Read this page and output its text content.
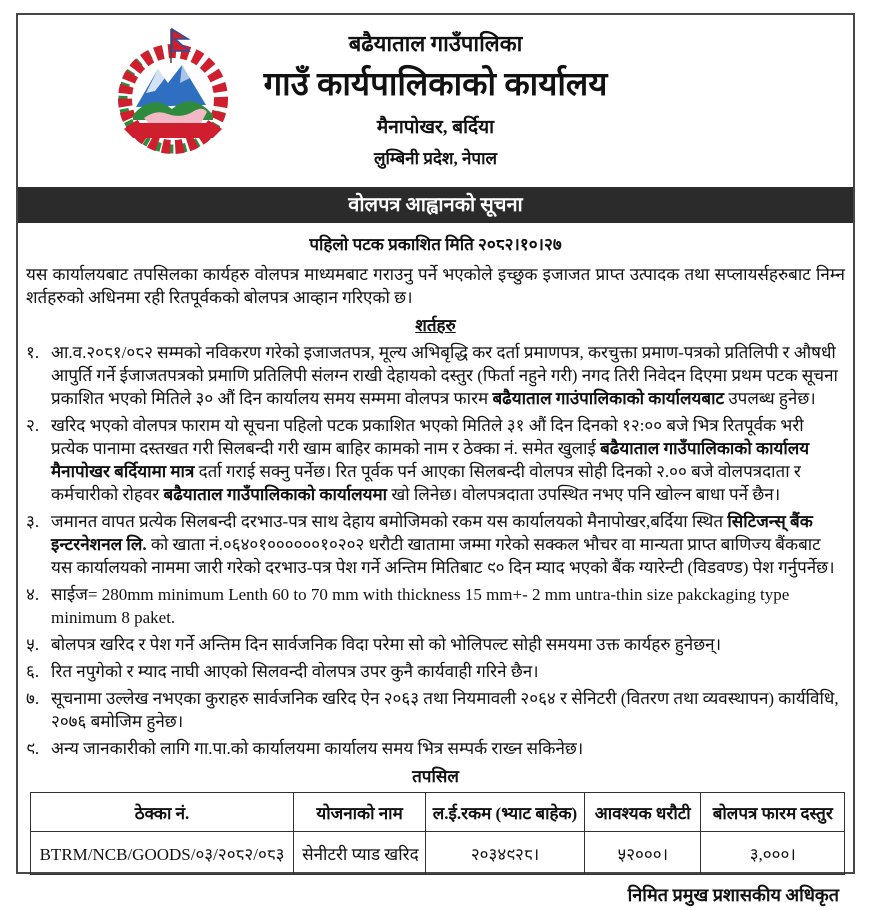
बढैयाताल गाउँपालिका
गाउँ कार्यपालिकाको कार्यालय
मैनापोखर, बर्दिया
लुम्बिनी प्रदेश, नेपाल
वोलपत्र आह्वानको सूचना
पहिलो पटक प्रकाशित मिति २०८२।१०।२७

यस कार्यालयबाट तपसिलका कार्यहरु वोलपत्र माध्यमबाट गराउनु पर्ने भएकोले इच्छुक इजाजत प्राप्त उत्पादक तथा सप्लायर्सहरुबाट निम्न शर्तहरुको अधिनमा रही रितपूर्वकको बोलपत्र आव्हान गरिएको छ।

शर्तहरु
१. आ.व.२०८१/०८२ सम्मको नविकरण गरेको इजाजतपत्र, मूल्य अभिबृद्धि कर दर्ता प्रमाणपत्र, करचुक्ता प्रमाण-पत्रको प्रतिलिपी र औषधी आपुर्ति गर्ने ईजाजतपत्रको प्रमाणि प्रतिलिपी संलग्न राखी देहायको दस्तुर (फिर्ता नहुने गरी) नगद तिरी निवेदन दिएमा प्रथम पटक सूचना प्रकाशित भएको मितिले ३० औं दिन कार्यालय समय सम्ममा वोलपत्र फारम बढैयाताल गाउंपालिकाको कार्यालयबाट उपलब्ध हुनेछ।
२. खरिद भएको वोलपत्र फाराम यो सूचना पहिलो पटक प्रकाशित भएको मितिले ३१ औं दिन दिनको १२:०० बजे भित्र रितपूर्वक भरी प्रत्येक पानामा दस्तखत गरी सिलबन्दी गरी खाम बाहिर कामको नाम र ठेक्का नं. समेत खुलाई बढैयाताल गाउँपालिकाको कार्यालय मैनापोखर बर्दियामा मात्र दर्ता गराई सक्नु पर्नेछ। रित पूर्वक पर्न आएका सिलबन्दी वोलपत्र सोही दिनको २.०० बजे वोलपत्रदाता र कर्मचारीको रोहवर बढैयाताल गाउँपालिकाको कार्यालयमा खो लिनेछ। वोलपत्रदाता उपस्थित नभए पनि खोल्न बाधा पर्ने छैन।
३. जमानत वापत प्रत्येक सिलबन्दी दरभाउ-पत्र साथ देहाय बमोजिमको रकम यस कार्यालयको मैनापोखर,बर्दिया स्थित सिटिजन्स् बैंक इन्टरनेशनल लि. को खाता नं.०६४०१००००००१०२०२ धरौटी खातामा जम्मा गरेको सक्कल भौचर वा मान्यता प्राप्त बाणिज्य बैंकबाट यस कार्यालयको नाममा जारी गरेको दरभाउ-पत्र पेश गर्ने अन्तिम मितिबाट ९० दिन म्याद भएको बैंक ग्यारेन्टी (विडवण्ड) पेश गर्नुपर्नेछ।
४. साईज= 280mm minimum Lenth 60 to 70 mm with thickness 15 mm+- 2 mm untra-thin size pakckaging type minimum 8 paket.
५. बोलपत्र खरिद र पेश गर्ने अन्तिम दिन सार्वजनिक विदा परेमा सो को भोलिपल्ट सोही समयमा उक्त कार्यहरु हुनेछन्।
६. रित नपुगेको र म्याद नाघी आएको सिलवन्दी वोलपत्र उपर कुनै कार्यवाही गरिने छैन।
७. सूचनामा उल्लेख नभएका कुराहरु सार्वजनिक खरिद ऐन २०६३ तथा नियमावली २०६४ र सेनिटरी (वितरण तथा व्यवस्थापन) कार्यविधि, २०७६ बमोजिम हुनेछ।
९. अन्य जानकारीको लागि गा.पा.को कार्यालयमा कार्यालय समय भित्र सम्पर्क राख्न सकिनेछ।
तपसिल
ठेक्का नं.	योजनाको नाम	ल.ई.रकम (भ्याट बाहेक)	आवश्यक धरौटी	बोलपत्र फारम दस्तुर
BTRM/NCB/GOODS/०३/२०८२/०८३	सेनीटरी प्याड खरिद	२०३४९२८।	५२०००।	३,०००।
निमित प्रमुख प्रशासकीय अधिकृत
